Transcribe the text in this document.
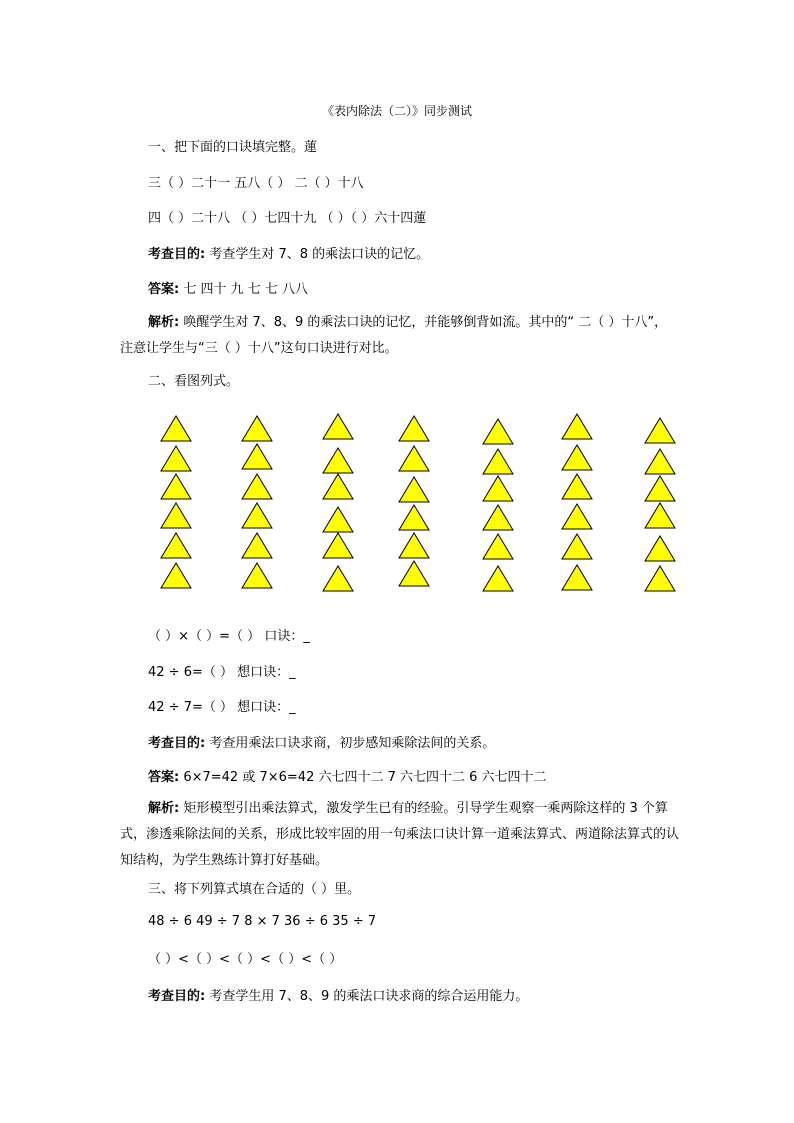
《表内除法（二）》同步测试
一、把下面的口诀填完整。蓮
三（ ）二十一 五八（ ） 二（ ）十八
四（ ）二十八 （ ）七四十九 （ ）（ ）六十四蓮
考查目的: 考查学生对 7、8 的乘法口诀的记忆。
答案: 七 四十 九 七 七 八八
解析: 唤醒学生对 7、8、9 的乘法口诀的记忆，并能够倒背如流。其中的“ 二（ ）十八”，注意让学生与“三（ ）十八”这句口诀进行对比。
二、看图列式。
（ ）×（ ）=（ ） 口诀：_
42 ÷ 6=（ ） 想口诀：_
42 ÷ 7=（ ） 想口诀：_
考查目的: 考查用乘法口诀求商，初步感知乘除法间的关系。
答案: 6×7=42 或 7×6=42 六七四十二 7 六七四十二 6 六七四十二
解析: 矩形模型引出乘法算式，激发学生已有的经验。引导学生观察一乘两除这样的 3 个算式，渗透乘除法间的关系，形成比较牢固的用一句乘法口诀计算一道乘法算式、两道除法算式的认知结构，为学生熟练计算打好基础。
三、将下列算式填在合适的（ ）里。
48 ÷ 6 49 ÷ 7 8 × 7 36 ÷ 6 35 ÷ 7
（ ）<（ ）<（ ）<（ ）<（ ）
考查目的: 考查学生用 7、8、9 的乘法口诀求商的综合运用能力。
